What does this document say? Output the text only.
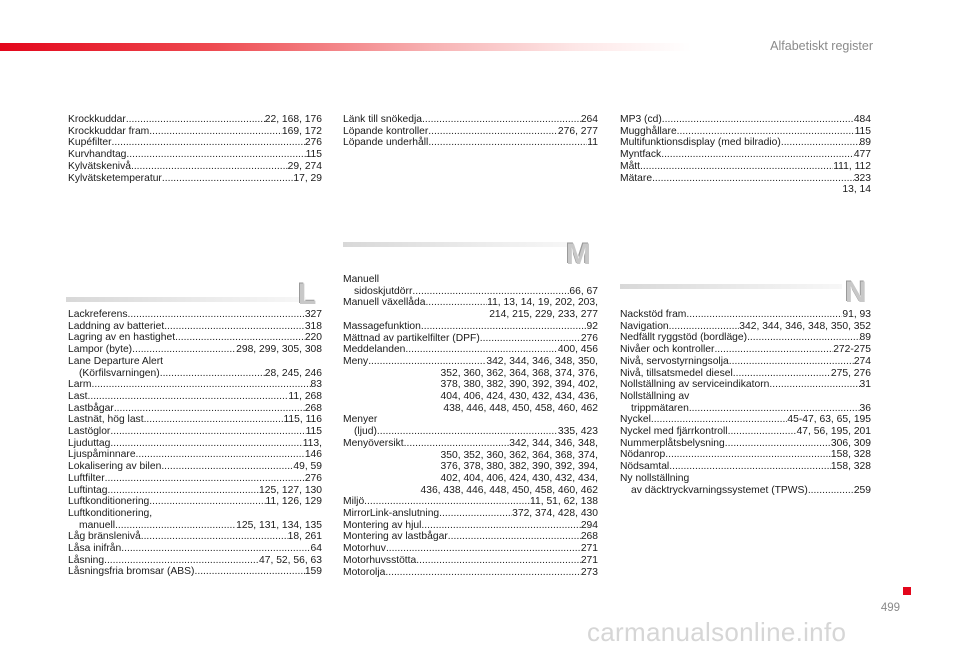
Alfabetiskt register
Krockkuddar .....	22, 168, 176
Krockkuddar fram .....	169, 172
Kupéfilter .....	276
Kurvhandtag .....	115
Kylvätskenivå .....	29, 274
Kylvätsketemperatur .....	17, 29
L
Lackreferens .....	327
Laddning av batteriet .....	318
Lagring av en hastighet .....	220
Lampor (byte) .....	298, 299, 305, 308
Lane Departure Alert
(Körfilsvarningen) .....	28, 245, 246
Larm .....	83
Last .....	11, 268
Lastbågar .....	268
Lastnät, hög last .....	115, 116
Lastöglor .....	115
Ljuduttag .....	113,
Ljuspåminnare .....	146
Lokalisering av bilen .....	49, 59
Luftfilter .....	276
Luftintag .....	125, 127, 130
Luftkonditionering .....	11, 126, 129
Luftkonditionering,
manuell .....	125, 131, 134, 135
Låg bränslenivå .....	18, 261
Låsa inifrån .....	64
Låsning .....	47, 52, 56, 63
Låsningsfria bromsar (ABS) .....	159
Länk till snökedja .....	264
Löpande kontroller .....	276, 277
Löpande underhåll .....	11
M
Manuell
sidoskjutdörr .....	66, 67
Manuell växellåda .....	11, 13, 14, 19, 202, 203,
214, 215, 229, 233, 277
Massagefunktion .....	92
Mättnad av partikelfilter (DPF) .....	276
Meddelanden .....	400, 456
Meny .....	342, 344, 346, 348, 350,
352, 360, 362, 364, 368, 374, 376,
378, 380, 382, 390, 392, 394, 402,
404, 406, 424, 430, 432, 434, 436,
438, 446, 448, 450, 458, 460, 462
Menyer
(ljud) .....	335, 423
Menyöversikt .....	342, 344, 346, 348,
350, 352, 360, 362, 364, 368, 374,
376, 378, 380, 382, 390, 392, 394,
402, 404, 406, 424, 430, 432, 434,
436, 438, 446, 448, 450, 458, 460, 462
Miljö .....	11, 51, 62, 138
MirrorLink-anslutning .....	372, 374, 428, 430
Montering av hjul .....	294
Montering av lastbågar .....	268
Motorhuv .....	271
Motorhuvsstötta .....	271
Motorolja .....	273
MP3 (cd) .....	484
Mugghållare .....	115
Multifunktionsdisplay (med bilradio) .....	89
Myntfack .....	477
Mått .....	111, 112
Mätare .....	323
13, 14
N
Nackstöd fram .....	91, 93
Navigation .....	342, 344, 346, 348, 350, 352
Nedfällt ryggstöd (bordläge) .....	89
Nivåer och kontroller .....	272-275
Nivå, servostyrningsolja .....	274
Nivå, tillsatsmedel diesel .....	275, 276
Nollställning av serviceindikatorn .....	31
Nollställning av
trippmätaren .....	36
Nyckel .....	45-47, 63, 65, 195
Nyckel med fjärrkontroll .....	47, 56, 195, 201
Nummerplåtsbelysning .....	306, 309
Nödanrop .....	158, 328
Nödsamtal .....	158, 328
Ny nollställning
av däcktryckvarningssystemet (TPWS) .....	259
499
carmanualsonline.info
